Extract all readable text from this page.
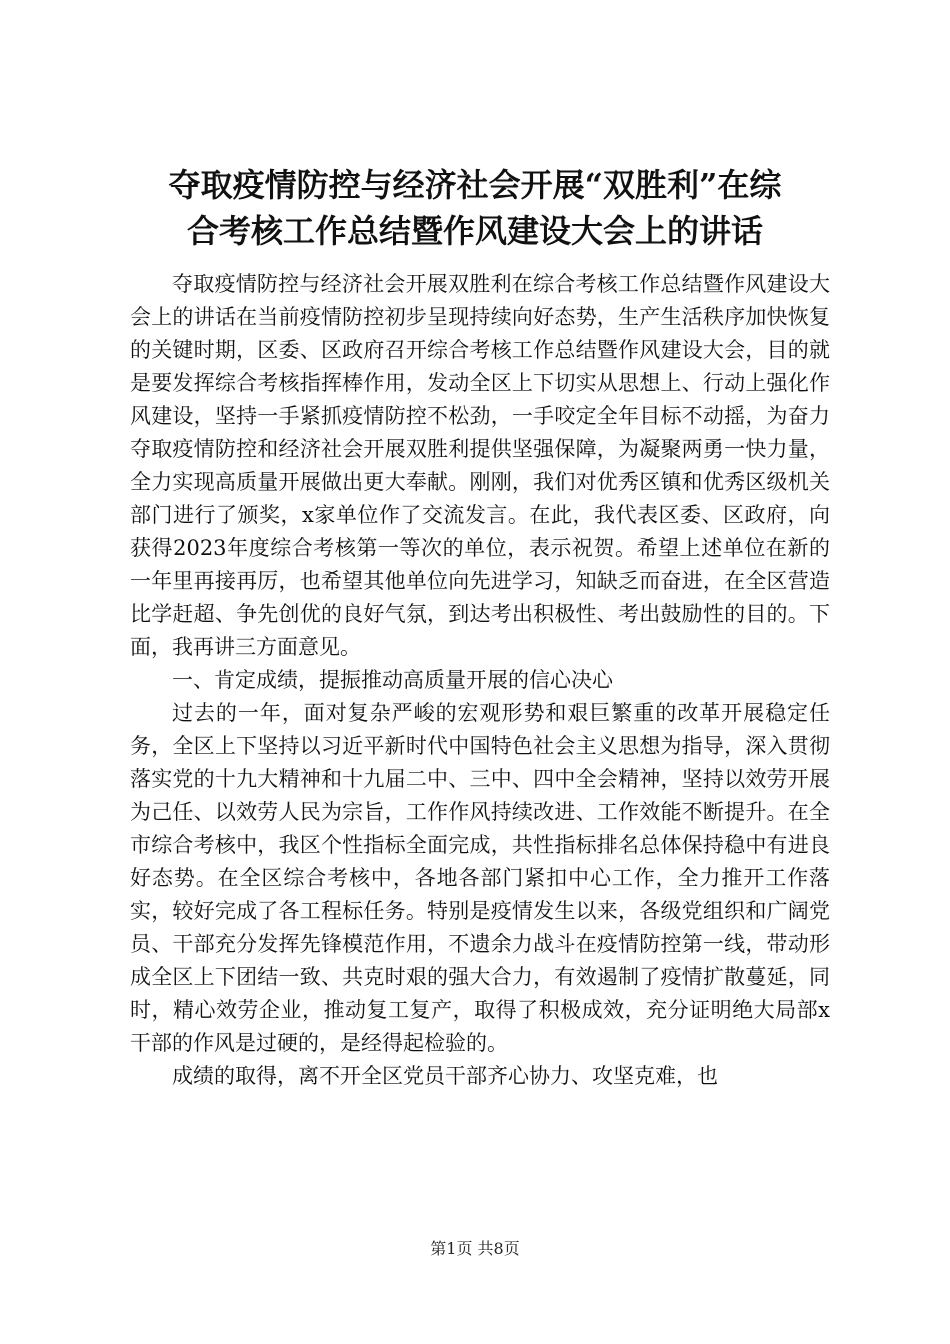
夺取疫情防控与经济社会开展“双胜利”在综
合考核工作总结暨作风建设大会上的讲话

夺取疫情防控与经济社会开展双胜利在综合考核工作总结暨作风建设大会上的讲话在当前疫情防控初步呈现持续向好态势，生产生活秩序加快恢复的关键时期，区委、区政府召开综合考核工作总结暨作风建设大会，目的就是要发挥综合考核指挥棒作用，发动全区上下切实从思想上、行动上强化作风建设，坚持一手紧抓疫情防控不松劲，一手咬定全年目标不动摇，为奋力夺取疫情防控和经济社会开展双胜利提供坚强保障，为凝聚两勇一快力量，全力实现高质量开展做出更大奉献。刚刚，我们对优秀区镇和优秀区级机关部门进行了颁奖，x家单位作了交流发言。在此，我代表区委、区政府，向获得2023年度综合考核第一等次的单位，表示祝贺。希望上述单位在新的一年里再接再厉，也希望其他单位向先进学习，知缺乏而奋进，在全区营造比学赶超、争先创优的良好气氛，到达考出积极性、考出鼓励性的目的。下面，我再讲三方面意见。

一、肯定成绩，提振推动高质量开展的信心决心

过去的一年，面对复杂严峻的宏观形势和艰巨繁重的改革开展稳定任务，全区上下坚持以习近平新时代中国特色社会主义思想为指导，深入贯彻落实党的十九大精神和十九届二中、三中、四中全会精神，坚持以效劳开展为己任、以效劳人民为宗旨，工作作风持续改进、工作效能不断提升。在全市综合考核中，我区个性指标全面完成，共性指标排名总体保持稳中有进良好态势。在全区综合考核中，各地各部门紧扣中心工作，全力推开工作落实，较好完成了各工程标任务。特别是疫情发生以来，各级党组织和广阔党员、干部充分发挥先锋模范作用，不遗余力战斗在疫情防控第一线，带动形成全区上下团结一致、共克时艰的强大合力，有效遏制了疫情扩散蔓延，同时，精心效劳企业，推动复工复产，取得了积极成效，充分证明绝大局部x干部的作风是过硬的，是经得起检验的。

成绩的取得，离不开全区党员干部齐心协力、攻坚克难，也

第1页 共8页
